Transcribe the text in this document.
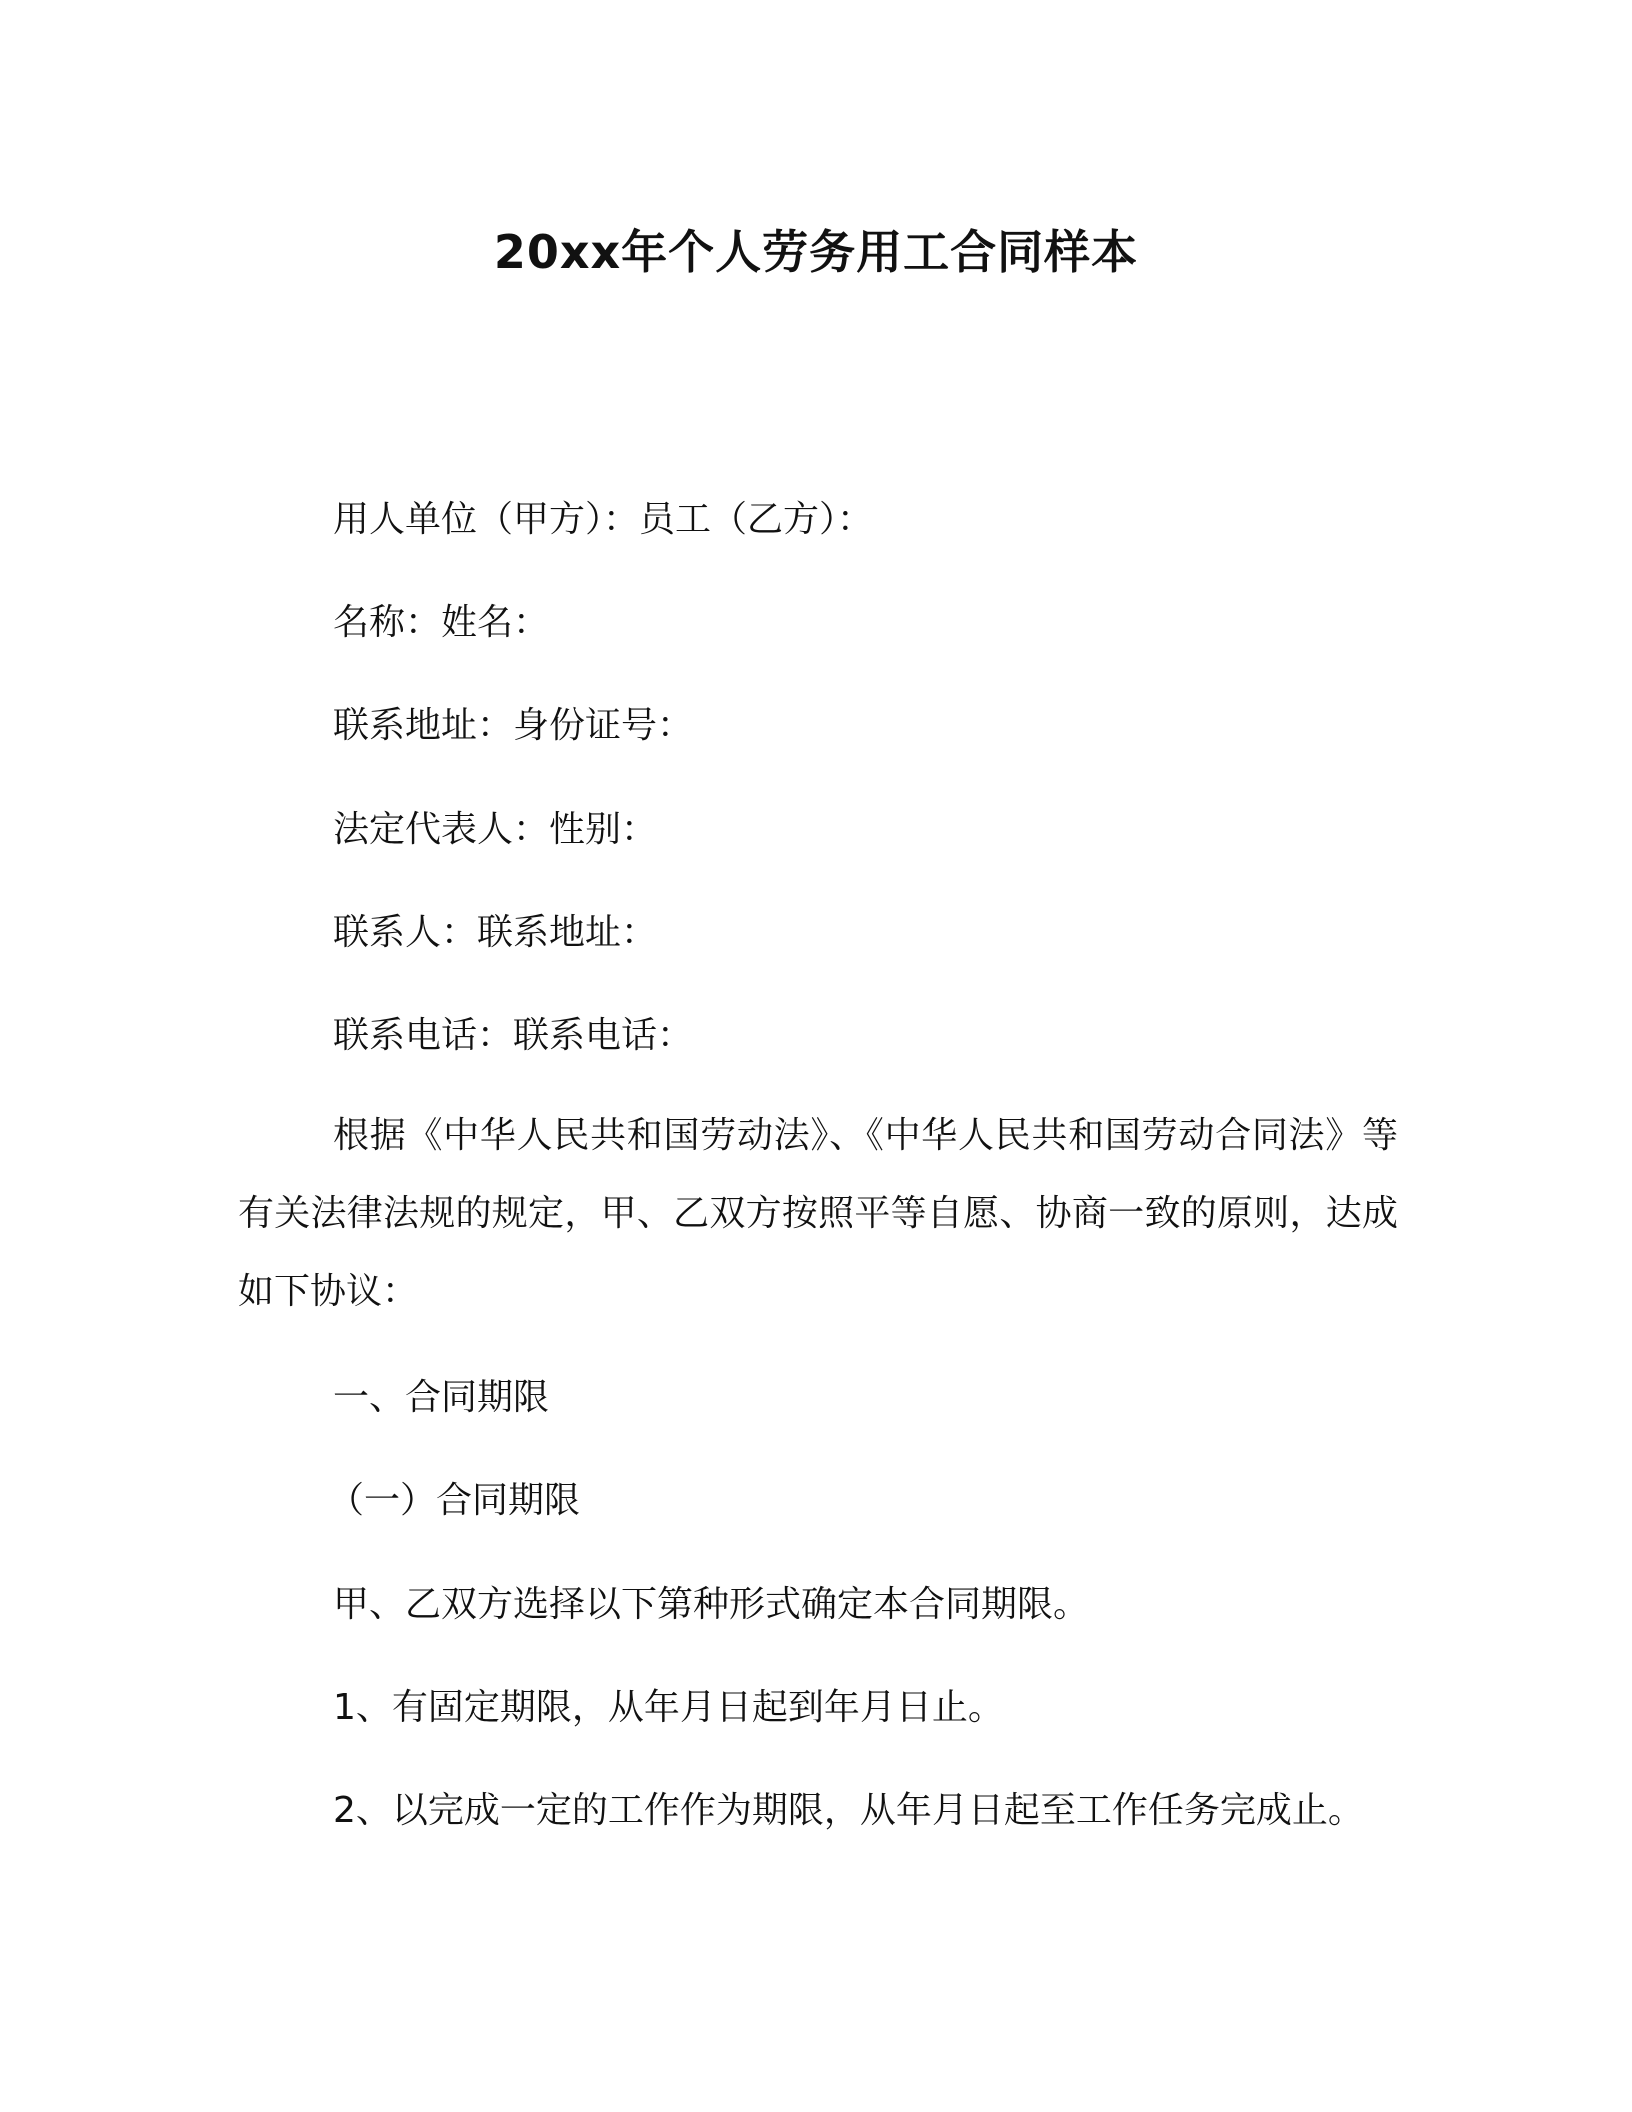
20xx年个人劳务用工合同样本
用人单位（甲方）：员工（乙方）：
名称：姓名：
联系地址：身份证号：
法定代表人：性别：
联系人：联系地址：
联系电话：联系电话：
根据《中华人民共和国劳动法》、《中华人民共和国劳动合同法》等有关法律法规的规定，甲、乙双方按照平等自愿、协商一致的原则，达成如下协议：
一、合同期限
（一）合同期限
甲、乙双方选择以下第种形式确定本合同期限。
1、有固定期限，从年月日起到年月日止。
2、以完成一定的工作作为期限，从年月日起至工作任务完成止。
